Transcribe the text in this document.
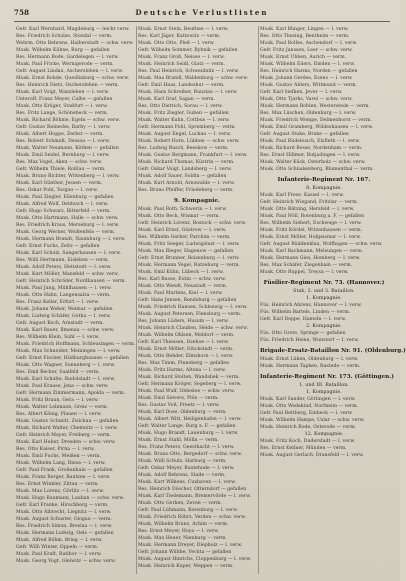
758	Deutsche Verlustlisten
Gefr. Karl Wernhard, Magdeburg — leicht verw.
Res. Friedrich Schulze, Stendal — verm.
Wehrm. Otto Behrens, Halberstadt — schw. verw.
Musk. Wilhelm Kühne, Burg — gefallen
Res. Hermann Bode, Gardelegen — l. verw.
Musk. Paul Fricke, Wernigerode — verm.
Gefr. August Lindau, Aschersleben — l. verw.
Musk. Ernst Rohde, Quedlinburg — schw. verw.
Res. Heinrich Dietz, Oschersleben — verm.
Musk. Karl Voigt, Wanzleben — l. verw.
Unteroff. Franz Meyer, Calbe — gefallen
Musk. Otto Krüger, Staßfurt — l. verw.
Res. Fritz Lange, Schönebeck — verm.
Musk. Richard Böhme, Egeln — schw. verw.
Gefr. Gustav Reinecke, Barby — l. verw.
Musk. Albert Hoppe, Zerbst — verm.
Res. Robert Schmidt, Dessau — l. verw.
Musk. Walter Neumann, Köthen — gefallen
Musk. Emil Seidel, Bernburg — l. verw.
Res. Max Vogel, Aken — schw. verw.
Gefr. Wilhelm Thiele, Roßlau — verm.
Musk. Bruno Richter, Wittenberg — l. verw.
Musk. Karl Günther, Jessen — verm.
Res. Oskar Pohl, Torgau — l. verw.
Musk. Paul Ziegler, Eilenburg — gefallen
Musk. Alfred Wolf, Delitzsch — l. verw.
Gefr. Hugo Schwarz, Bitterfeld — verm.
Musk. Otto Hartmann, Halle — schw. verw.
Res. Friedrich Kraus, Merseburg — l. verw.
Musk. Georg Werner, Weißenfels — verm.
Musk. Hermann Brandt, Naumburg — l. verw.
Gefr. Ernst Fuchs, Zeitz — gefallen
Musk. Karl Schulz, Sangerhausen — l. verw.
Res. Willi Herrmann, Eisleben — verm.
Musk. Adolf Peters, Hettstedt — l. verw.
Musk. Kurt Möller, Mansfeld — schw. verw.
Gefr. Heinrich Schröder, Nordhausen — verm.
Musk. Paul Jung, Mühlhausen — l. verw.
Musk. Otto Hahn, Langensalza — verm.
Res. Franz Keller, Erfurt — l. verw.
Musk. Johann Weber, Weimar — gefallen
Musk. Ludwig Schäfer, Gotha — l. verw.
Gefr. August Koch, Arnstadt — verm.
Musk. Karl Bauer, Ilmenau — schw. verw.
Res. Wilhelm Klein, Suhl — l. verw.
Musk. Friedrich Hoffmann, Schleusingen — verm.
Musk. Max Schneider, Meiningen — l. verw.
Gefr. Ernst Fischer, Hildburghausen — gefallen
Musk. Otto Wagner, Sonneberg — l. verw.
Res. Emil Becker, Saalfeld — verm.
Musk. Karl Schulte, Rudolstadt — l. verw.
Musk. Paul Krause, Jena — schw. verw.
Gefr. Hermann Zimmermann, Apolda — verm.
Musk. Fritz Braun, Gera — l. verw.
Musk. Walter Lehmann, Greiz — verm.
Res. Albert König, Plauen — l. verw.
Musk. Gustav Schmitt, Zwickau — gefallen
Musk. Richard Walter, Chemnitz — l. verw.
Gefr. Heinrich Mayer, Freiberg — verm.
Musk. Karl Huber, Dresden — schw. verw.
Res. Otto Kaiser, Pirna — l. verw.
Musk. Emil Fuchs, Meißen — verm.
Musk. Wilhelm Lang, Riesa — l. verw.
Gefr. Paul Frank, Großenhain — gefallen
Musk. Franz Berger, Bautzen — l. verw.
Res. Ernst Winkler, Zittau — verm.
Musk. Max Lorenz, Görlitz — l. verw.
Musk. Hugo Baumann, Lauban — schw. verw.
Gefr. Karl Franke, Hirschberg — verm.
Musk. Otto Albrecht, Liegnitz — l. verw.
Musk. August Schuster, Glogau — verm.
Res. Friedrich Simon, Breslau — l. verw.
Musk. Hermann Ludwig, Oels — gefallen
Musk. Alfred Böhm, Brieg — l. verw.
Gefr. Willi Winter, Oppeln — verm.
Musk. Paul Kraft, Ratibor — l. verw.
Musk. Georg Vogt, Gleiwitz — schw. verw.
Musk. Ernst Stein, Beuthen — l. verw.
Res. Karl Jäger, Kattowitz — verm.
Musk. Otto Otto, Pleß — l. verw.
Gefr. Wilhelm Sommer, Rybnik — gefallen
Musk. Franz Groß, Neisse — l. verw.
Musk. Heinrich Seidl, Glatz — verm.
Res. Paul Heinrich, Schweidnitz — l. verw.
Musk. Max Brandl, Waldenburg — schw. verw.
Gefr. Emil Haas, Landeshut — verm.
Musk. Hans Schreiber, Bunzlau — l. verw.
Musk. Karl Graf, Sagan — verm.
Res. Otto Dietrich, Sorau — l. verw.
Musk. Fritz Ziegler, Guben — gefallen
Musk. Walter Kuhn, Cottbus — l. verw.
Gefr. Hermann Pohl, Spremberg — verm.
Musk. August Engel, Luckau — l. verw.
Musk. Robert Horn, Lübben — schw. verw.
Res. Ludwig Busch, Beeskow — verm.
Musk. Gustav Bergmann, Frankfurt — l. verw.
Musk. Richard Thomas, Küstrin — verm.
Gefr. Oskar Voigt, Landsberg — l. verw.
Musk. Adolf Sauer, Soldin — gefallen
Musk. Kurt Arnold, Arnswalde — l. verw.
Res. Bruno Pfeiffer, Friedeberg — verm.
9. Kompagnie.
Musk. Paul Roth, Schwerin — l. verw.
Musk. Otto Beck, Wismar — verm.
Gefr. Heinrich Lorenz, Rostock — schw. verw.
Musk. Karl Ernst, Güstrow — l. verw.
Res. Wilhelm Gerber, Parchim — verm.
Musk. Fritz Seeger, Ludwigslust — l. verw.
Musk. Max Rieger, Hagenow — gefallen
Gefr. Ernst Brunner, Boizenburg — l. verw.
Musk. Hermann Vogel, Ratzeburg — verm.
Musk. Emil Kühn, Lübeck — l. verw.
Res. Karl Busse, Eutin — schw. verw.
Musk. Otto Wendt, Neustadt — verm.
Musk. Paul Martens, Kiel — l. verw.
Gefr. Hans Jensen, Rendsburg — gefallen
Musk. Friedrich Hansen, Schleswig — l. verw.
Musk. August Petersen, Flensburg — verm.
Res. Johann Lüders, Husum — l. verw.
Musk. Heinrich Claußen, Heide — schw. verw.
Musk. Wilhelm Ohlsen, Meldorf — verm.
Gefr. Karl Thiessen, Itzehoe — l. verw.
Musk. Ernst Möller, Glückstadt — verm.
Musk. Otto Rehder, Elmshorn — l. verw.
Res. Max Timm, Pinneberg — gefallen
Musk. Fritz Harms, Altona — l. verw.
Musk. Richard Stolten, Wandsbek — verm.
Gefr. Hermann Kröger, Segeberg — l. verw.
Musk. Paul Wulf, Oldesloe — schw. verw.
Musk. Emil Sievers, Plön — verm.
Res. Gustav Voß, Preetz — l. verw.
Musk. Karl Dose, Oldenburg — verm.
Musk. Albert Witt, Heiligenhafen — l. verw.
Gefr. Walter Lange, Burg a. F. — gefallen
Musk. Hugo Brandt, Lauenburg — l. verw.
Musk. Ernst Stahl, Mölln — verm.
Res. Franz Peters, Geesthacht — l. verw.
Musk. Bruno Otto, Bergedorf — schw. verw.
Musk. Willi Schulz, Harburg — verm.
Gefr. Oskar Meyer, Buxtehude — l. verw.
Musk. Adolf Behrens, Stade — verm.
Musk. Kurt Wilkens, Cuxhaven — l. verw.
Res. Heinrich Döscher, Otterndorf — gefallen
Musk. Karl Tiedemann, Bremervörde — l. verw.
Musk. Otto Gerken, Zeven — verm.
Gefr. Paul Lühmann, Rotenburg — l. verw.
Musk. Friedrich Röhrs, Verden — schw. verw.
Musk. Wilhelm Bruns, Achim — verm.
Res. Ernst Meyer, Hoya — l. verw.
Musk. Max Heuer, Nienburg — verm.
Musk. Hermann Dreyer, Diepholz — l. verw.
Gefr. Johann Wübbe, Vechta — gefallen
Musk. August Hinrichs, Cloppenburg — l. verw.
Musk. Heinrich Kuper, Meppen — verm.
Musk. Karl Bünger, Lingen — l. verw.
Res. Otto Thesing, Bentheim — verm.
Musk. Paul Rolfes, Aschendorf — l. verw.
Gefr. Fritz Janssen, Leer — schw. verw.
Musk. Ernst Ubben, Aurich — verm.
Musk. Wilhelm Eilers, Emden — l. verw.
Res. Heinrich Harms, Norden — gefallen
Musk. Johann Gerdes, Esens — l. verw.
Musk. Gustav Ahlers, Wittmund — verm.
Gefr. Karl Siefken, Jever — l. verw.
Musk. Otto Tjarks, Varel — schw. verw.
Musk. Hermann Bohlen, Westerstede — verm.
Res. Max Lüschen, Oldenburg — l. verw.
Musk. Friedrich Wempe, Delmenhorst — verm.
Musk. Emil Gramberg, Wildeshausen — l. verw.
Gefr. August Stuke, Brake — gefallen
Musk. Paul Rüdebusch, Elsfleth — l. verw.
Musk. Richard Bosse, Nordenham — verm.
Res. Ernst Hillmer, Butjadingen — l. verw.
Musk. Walter Kück, Osterholz — schw. verw.
Musk. Otto Schnakenberg, Blumenthal — verm.
Infanterie-Regiment Nr. 167.
8. Kompagnie.
Musk. Karl Frese, Kassel — l. verw.
Gefr. Heinrich Wiegand, Fritzlar — verm.
Musk. Otto Bätzing, Hersfeld — l. verw.
Musk. Paul Nöll, Rotenburg a. F. — gefallen
Res. Wilhelm Siebert, Eschwege — l. verw.
Musk. Fritz Kördel, Witzenhausen — verm.
Musk. Ernst Möller, Hofgeismar — l. verw.
Gefr. August Rüddenklau, Wolfhagen — schw. verw.
Musk. Karl Bachmann, Melsungen — verm.
Musk. Hermann Gies, Homberg — l. verw.
Res. Max Schäfer, Ziegenhain — verm.
Musk. Otto Ruppel, Treysa — l. verw.
Füsilier-Regiment Nr. 73. (Hannover.)
Stab, 2. und 3. Bataillon.
1. Kompagnie.
Füs. Heinrich Ahrens, Hannover — l. verw.
Füs. Wilhelm Bartels, Linden — verm.
Gefr. Karl Deppe, Hameln — l. verw.
2. Kompagnie.
Füs. Otto Grote, Springe — gefallen
Füs. Friedrich Heine, Wunstorf — l. verw.
Brigade-Ersatz-Bataillon Nr. 91. (Oldenburg.)
Musk. Ernst Lüken, Oldenburg — l. verw.
Musk. Hermann Tapken, Rastede — verm.
Infanterie-Regiment Nr. 173. (Göttingen.)
1. und III. Bataillon.
1. Kompagnie.
Musk. Karl Sander, Göttingen — l. verw.
Musk. Otto Wedekind, Northeim — verm.
Gefr. Paul Rettberg, Einbeck — l. verw.
Musk. Wilhelm Hampe, Uslar — schw. verw.
Musk. Heinrich Bode, Osterode — verm.
12. Kompagnie.
Musk. Fritz Koch, Duderstadt — l. verw.
Res. Ernst Kellner, Münden — verm.
Musk. August Gerlach, Dransfeld — l. verw.
